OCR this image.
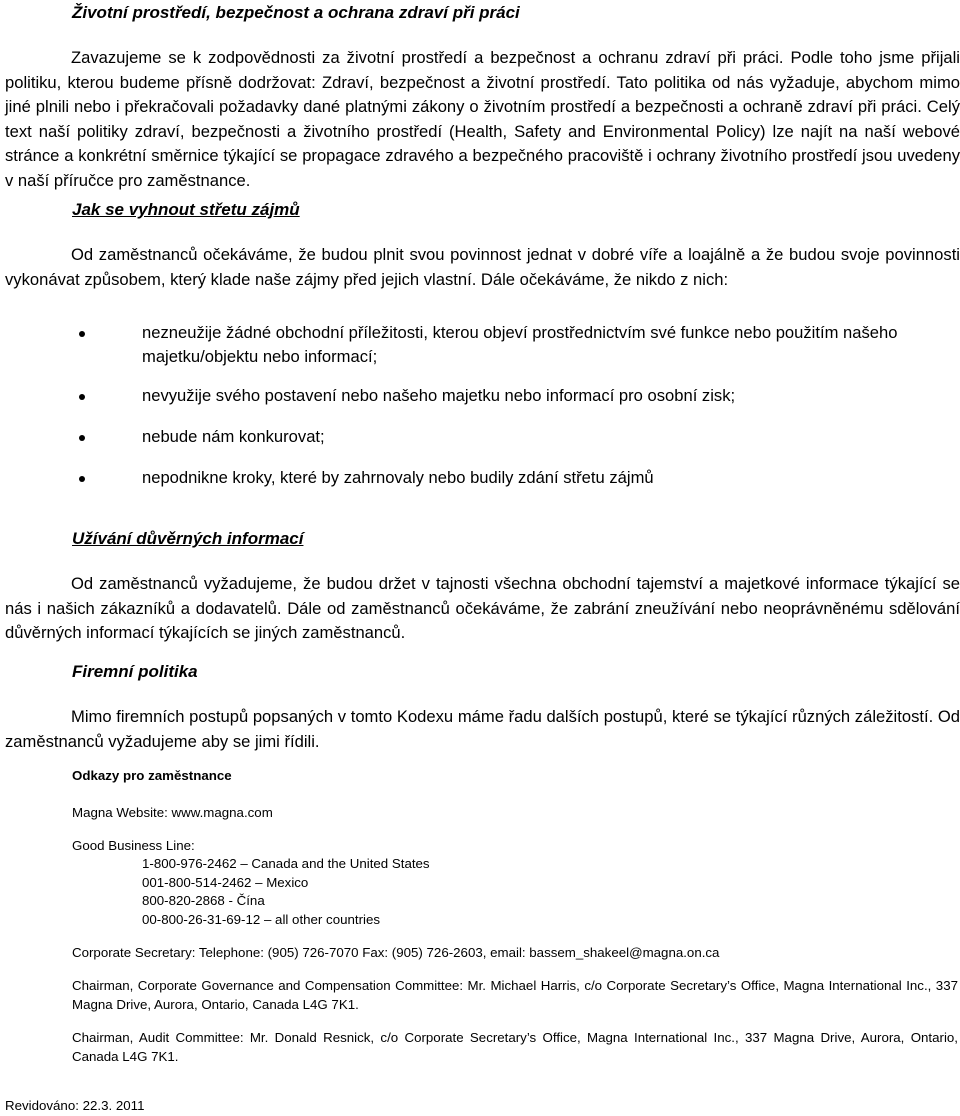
Životní prostředí, bezpečnost a ochrana zdraví při práci

Zavazujeme se k zodpovědnosti za životní prostředí a bezpečnost a ochranu zdraví při práci. Podle toho jsme přijali politiku, kterou budeme přísně dodržovat: Zdraví, bezpečnost a životní prostředí. Tato politika od nás vyžaduje, abychom mimo jiné plnili nebo i překračovali požadavky dané platnými zákony o životním prostředí a bezpečnosti a ochraně zdraví při práci. Celý text naší politiky zdraví, bezpečnosti a životního prostředí (Health, Safety and Environmental Policy) lze najít na naší webové stránce a konkrétní směrnice týkající se propagace zdravého a bezpečného pracoviště i ochrany životního prostředí jsou uvedeny v naší příručce pro zaměstnance.

Jak se vyhnout střetu zájmů

Od zaměstnanců očekáváme, že budou plnit svou povinnost jednat v dobré víře a loajálně a že budou svoje povinnosti vykonávat způsobem, který klade naše zájmy před jejich vlastní. Dále očekáváme, že nikdo z nich:

nezneužije žádné obchodní příležitosti, kterou objeví prostřednictvím své funkce nebo použitím našeho majetku/objektu nebo informací;
nevyužije svého postavení nebo našeho majetku nebo informací pro osobní zisk;
nebude nám konkurovat;
nepodnikne kroky, které by zahrnovaly nebo budily zdání střetu zájmů
Užívání důvěrných informací

Od zaměstnanců vyžadujeme, že budou držet v tajnosti všechna obchodní tajemství a majetkové informace týkající se nás i našich zákazníků a dodavatelů. Dále od zaměstnanců očekáváme, že zabrání zneužívání nebo neoprávněnému sdělování důvěrných informací týkajících se jiných zaměstnanců.

Firemní politika

Mimo firemních postupů popsaných v tomto Kodexu máme řadu dalších postupů, které se týkající různých záležitostí. Od zaměstnanců vyžadujeme aby se jimi řídili.

Odkazy pro zaměstnance

Magna Website: www.magna.com

Good Business Line:

1-800-976-2462 – Canada and the United States
001-800-514-2462 – Mexico
800-820-2868 - Čína
00-800-26-31-69-12 – all other countries

Corporate Secretary: Telephone: (905) 726-7070 Fax: (905) 726-2603, email: bassem_shakeel@magna.on.ca

Chairman, Corporate Governance and Compensation Committee: Mr. Michael Harris, c/o Corporate Secretary’s Office, Magna International Inc., 337 Magna Drive, Aurora, Ontario, Canada L4G 7K1.

Chairman, Audit Committee: Mr. Donald Resnick, c/o Corporate Secretary’s Office, Magna International Inc., 337 Magna Drive, Aurora, Ontario, Canada L4G 7K1.

Revidováno: 22.3. 2011
